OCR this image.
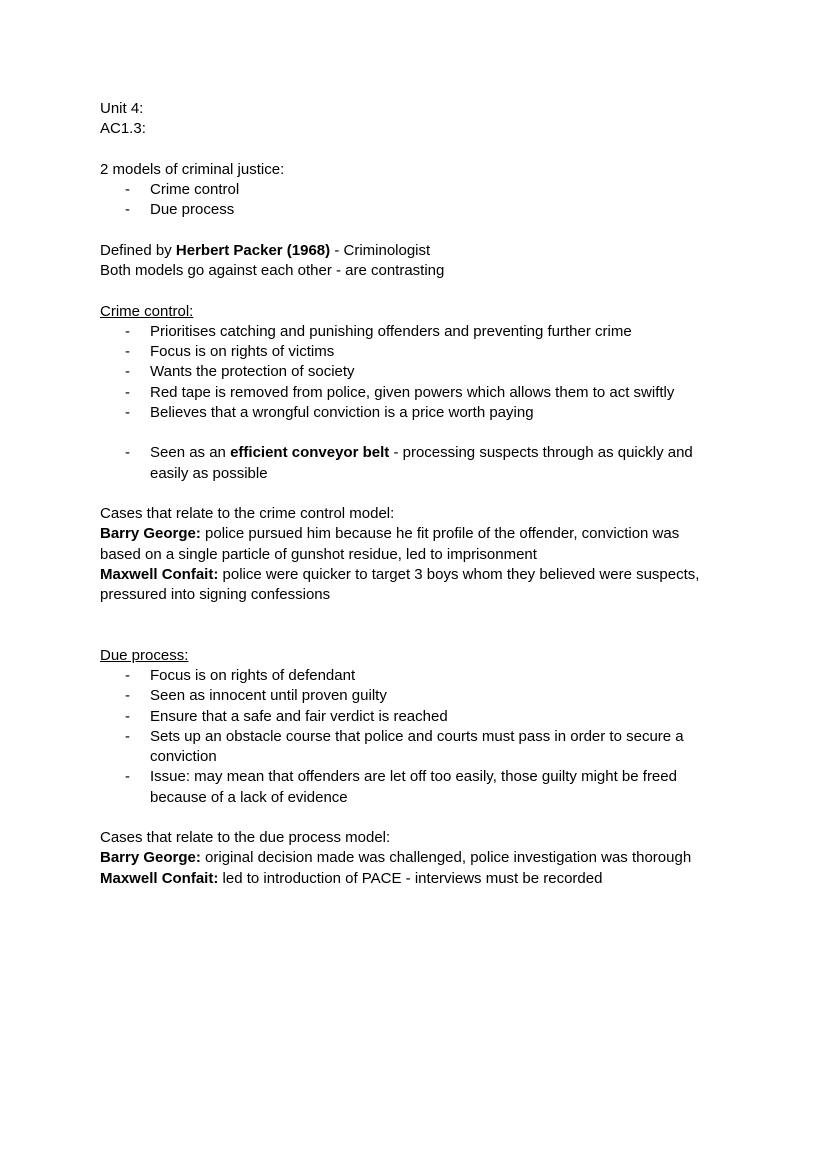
Unit 4:
AC1.3:
2 models of criminal justice:
- Crime control
- Due process
Defined by Herbert Packer (1968) - Criminologist
Both models go against each other - are contrasting
Crime control:
- Prioritises catching and punishing offenders and preventing further crime
- Focus is on rights of victims
- Wants the protection of society
- Red tape is removed from police, given powers which allows them to act swiftly
- Believes that a wrongful conviction is a price worth paying
- Seen as an efficient conveyor belt - processing suspects through as quickly and easily as possible
Cases that relate to the crime control model:
Barry George: police pursued him because he fit profile of the offender, conviction was based on a single particle of gunshot residue, led to imprisonment
Maxwell Confait: police were quicker to target 3 boys whom they believed were suspects, pressured into signing confessions
Due process:
- Focus is on rights of defendant
- Seen as innocent until proven guilty
- Ensure that a safe and fair verdict is reached
- Sets up an obstacle course that police and courts must pass in order to secure a conviction
- Issue: may mean that offenders are let off too easily, those guilty might be freed because of a lack of evidence
Cases that relate to the due process model:
Barry George: original decision made was challenged, police investigation was thorough
Maxwell Confait: led to introduction of PACE - interviews must be recorded
